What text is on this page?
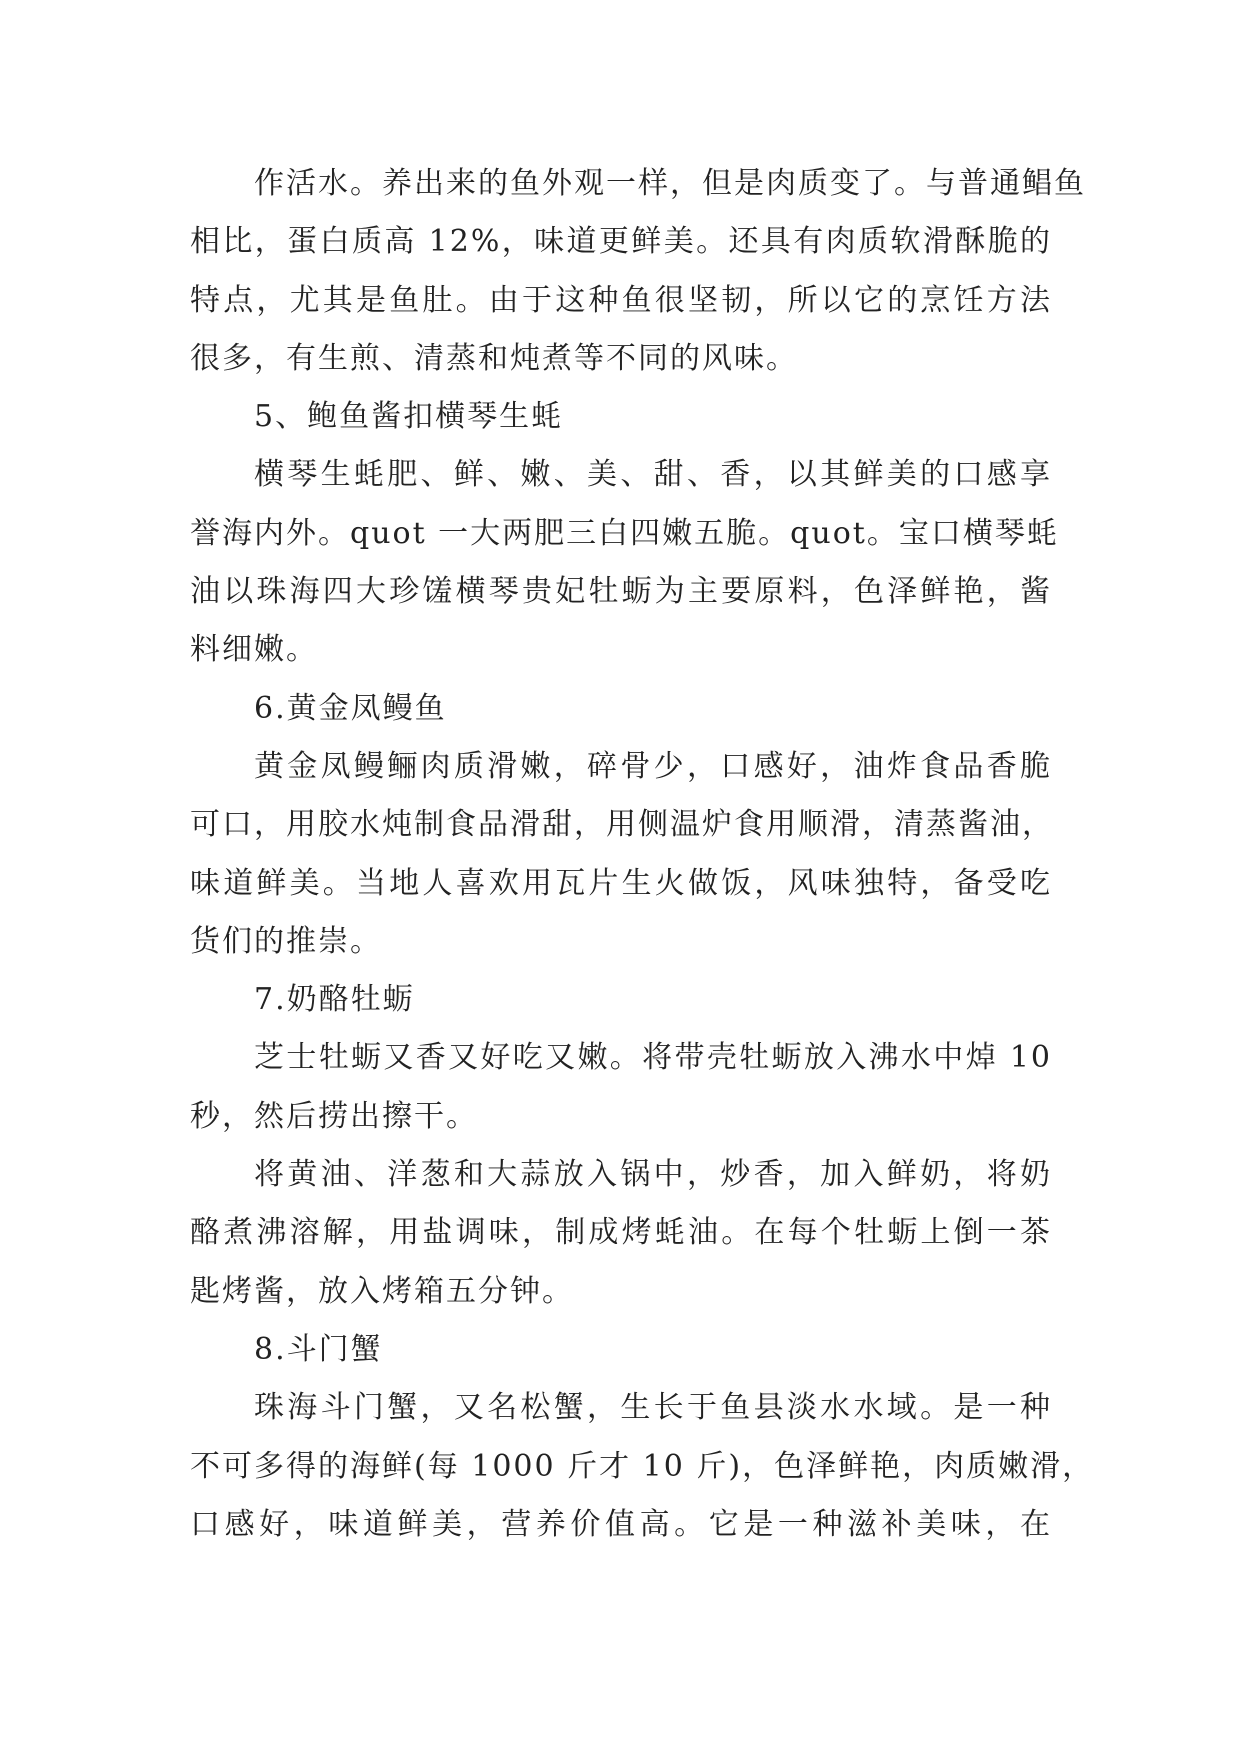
作活水。养出来的鱼外观一样，但是肉质变了。与普通鲳鱼
相比，蛋白质高 12%，味道更鲜美。还具有肉质软滑酥脆的
特点，尤其是鱼肚。由于这种鱼很坚韧，所以它的烹饪方法
很多，有生煎、清蒸和炖煮等不同的风味。
5、鲍鱼酱扣横琴生蚝
横琴生蚝肥、鲜、嫩、美、甜、香，以其鲜美的口感享
誉海内外。quot 一大两肥三白四嫩五脆。quot。宝口横琴蚝
油以珠海四大珍馐横琴贵妃牡蛎为主要原料，色泽鲜艳，酱
料细嫩。
6.黄金凤鳗鱼
黄金凤鳗鲡肉质滑嫩，碎骨少，口感好，油炸食品香脆
可口，用胶水炖制食品滑甜，用侧温炉食用顺滑，清蒸酱油，
味道鲜美。当地人喜欢用瓦片生火做饭，风味独特，备受吃
货们的推崇。
7.奶酪牡蛎
芝士牡蛎又香又好吃又嫩。将带壳牡蛎放入沸水中焯 10
秒，然后捞出擦干。
将黄油、洋葱和大蒜放入锅中，炒香，加入鲜奶，将奶
酪煮沸溶解，用盐调味，制成烤蚝油。在每个牡蛎上倒一茶
匙烤酱，放入烤箱五分钟。
8.斗门蟹
珠海斗门蟹，又名松蟹，生长于鱼县淡水水域。是一种
不可多得的海鲜(每 1000 斤才 10 斤)，色泽鲜艳，肉质嫩滑，
口感好，味道鲜美，营养价值高。它是一种滋补美味，在
